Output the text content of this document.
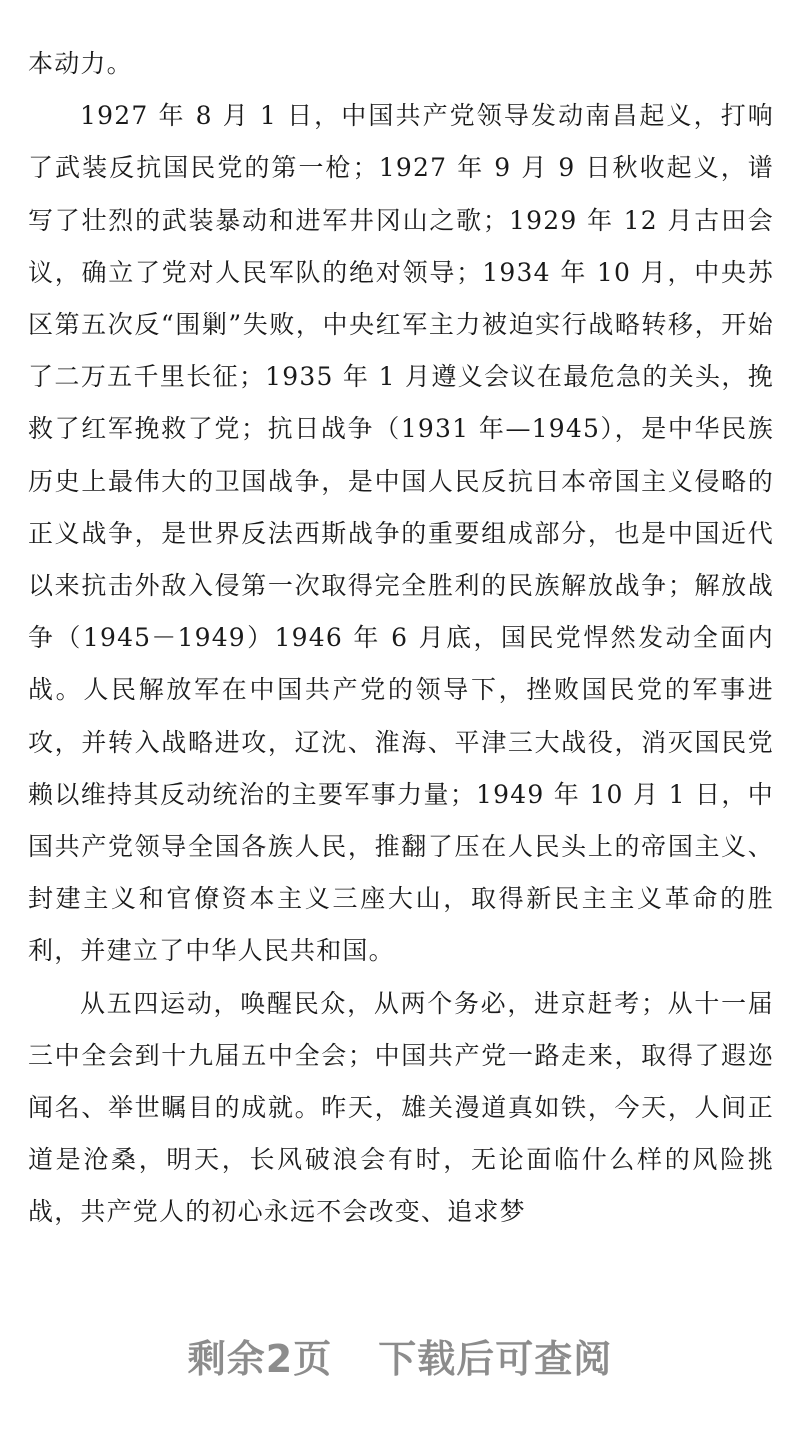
本动力。

1927 年 8 月 1 日，中国共产党领导发动南昌起义，打响了武装反抗国民党的第一枪；1927 年 9 月 9 日秋收起义，谱写了壮烈的武装暴动和进军井冈山之歌；1929 年 12 月古田会议，确立了党对人民军队的绝对领导；1934 年 10 月，中央苏区第五次反“围剿”失败，中央红军主力被迫实行战略转移，开始了二万五千里长征；1935 年 1 月遵义会议在最危急的关头，挽救了红军挽救了党；抗日战争（1931 年—1945），是中华民族历史上最伟大的卫国战争，是中国人民反抗日本帝国主义侵略的正义战争，是世界反法西斯战争的重要组成部分，也是中国近代以来抗击外敌入侵第一次取得完全胜利的民族解放战争；解放战争（1945－1949）1946 年 6 月底，国民党悍然发动全面内战。人民解放军在中国共产党的领导下，挫败国民党的军事进攻，并转入战略进攻，辽沈、淮海、平津三大战役，消灭国民党赖以维持其反动统治的主要军事力量；1949 年 10 月 1 日，中国共产党领导全国各族人民，推翻了压在人民头上的帝国主义、封建主义和官僚资本主义三座大山，取得新民主主义革命的胜利，并建立了中华人民共和国。

从五四运动，唤醒民众，从两个务必，进京赶考；从十一届三中全会到十九届五中全会；中国共产党一路走来，取得了遐迩闻名、举世瞩目的成就。昨天，雄关漫道真如铁，今天，人间正道是沧桑，明天，长风破浪会有时，无论面临什么样的风险挑战，共产党人的初心永远不会改变、追求梦

剩余2页 下载后可查阅
